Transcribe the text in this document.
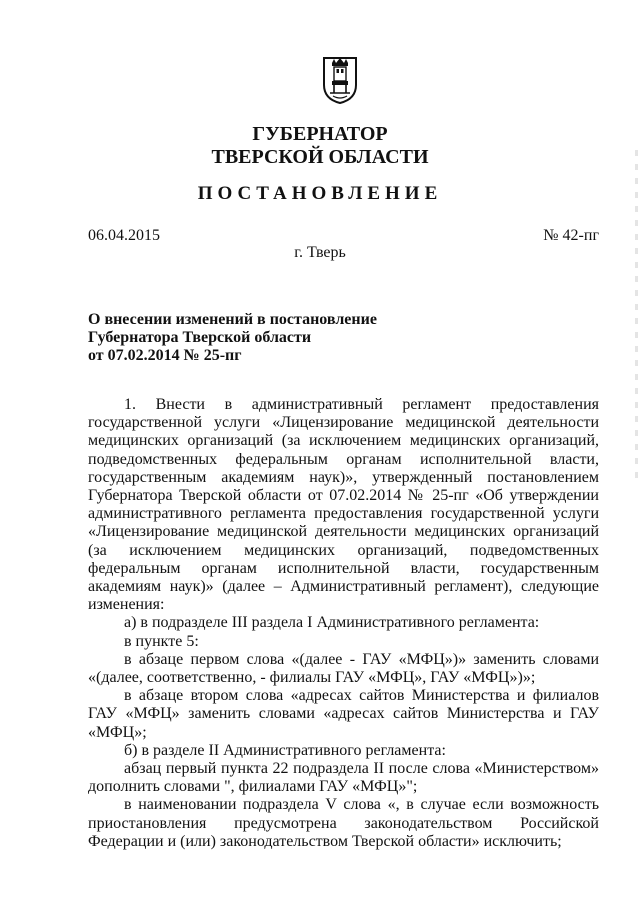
ГУБЕРНАТОР
ТВЕРСКОЙ ОБЛАСТИ
ПОСТАНОВЛЕНИЕ
06.04.2015	№ 42-пг
г. Тверь
О внесении изменений в постановление
Губернатора Тверской области
от 07.02.2014 № 25-пг

1. Внести в административный регламент предоставления государственной услуги «Лицензирование медицинской деятельности медицинских организаций (за исключением медицинских организаций, подведомственных федеральным органам исполнительной власти, государственным академиям наук)», утвержденный постановлением Губернатора Тверской области от 07.02.2014 № 25-пг «Об утверждении административного регламента предоставления государственной услуги «Лицензирование медицинской деятельности медицинских организаций (за исключением медицинских организаций, подведомственных федеральным органам исполнительной власти, государственным академиям наук)» (далее – Административный регламент), следующие изменения:

а) в подразделе III раздела I Административного регламента:

в пункте 5:

в абзаце первом слова «(далее - ГАУ «МФЦ»)» заменить словами «(далее, соответственно, - филиалы ГАУ «МФЦ», ГАУ «МФЦ»)»;

в абзаце втором слова «адресах сайтов Министерства и филиалов ГАУ «МФЦ» заменить словами «адресах сайтов Министерства и ГАУ «МФЦ»;

б) в разделе II Административного регламента:

абзац первый пункта 22 подраздела II после слова «Министерством» дополнить словами ", филиалами ГАУ «МФЦ»";

в наименовании подраздела V слова «, в случае если возможность приостановления предусмотрена законодательством Российской Федерации и (или) законодательством Тверской области» исключить;
